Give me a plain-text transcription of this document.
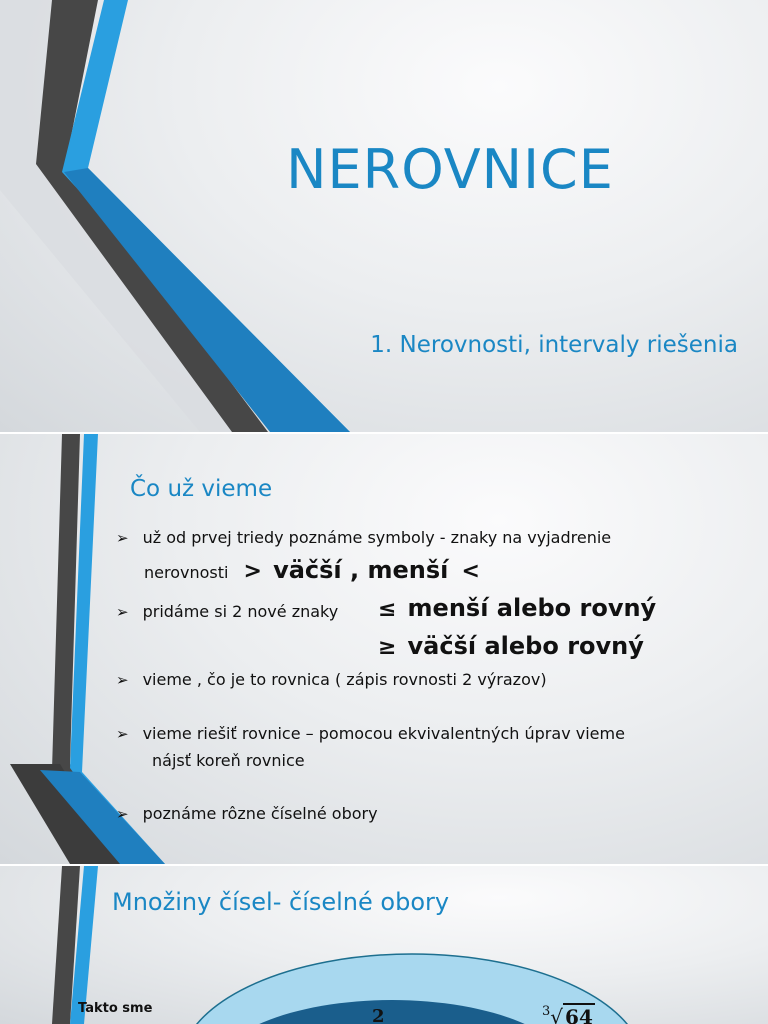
NEROVNICE
1. Nerovnosti, intervaly riešenia
Čo už vieme
➢ už od prvej triedy poznáme symboly - znaky na vyjadrenie
nerovnosti > väčší , menší <
➢ pridáme si 2 nové znaky ≤ menší alebo rovný
≥ väčší alebo rovný
➢ vieme , čo je to rovnica ( zápis rovnosti 2 výrazov)
➢ vieme riešiť rovnice – pomocou ekvivalentných úprav vieme
nájsť koreň rovnice
➢ poznáme rôzne číselné obory
Množiny čísel- číselné obory
Takto sme	2	$^3$√ 64
